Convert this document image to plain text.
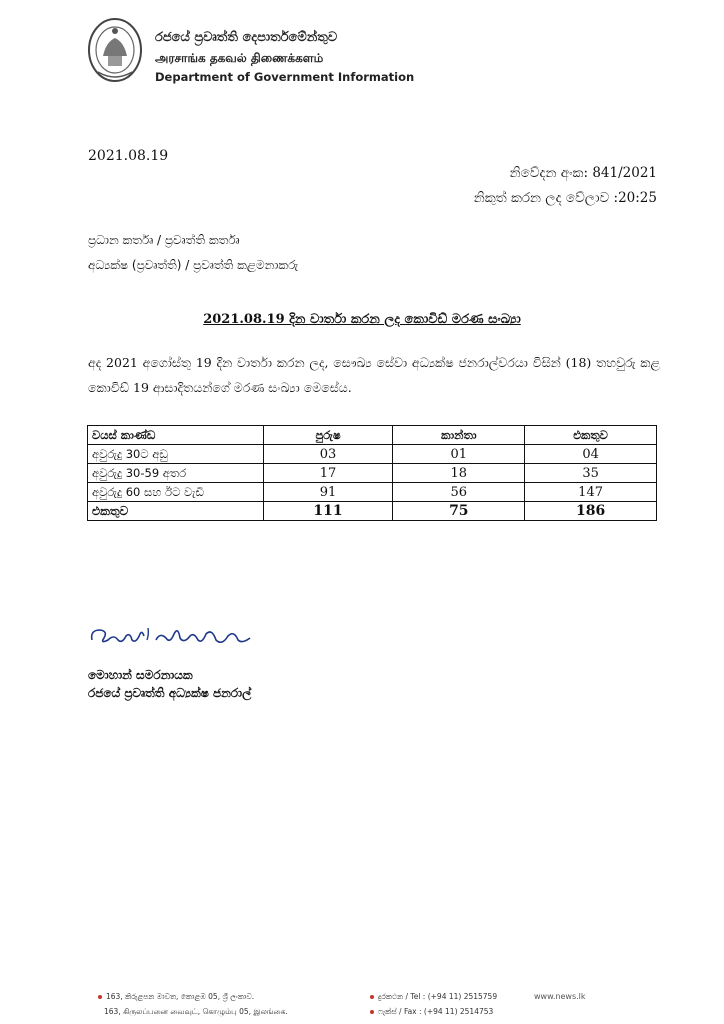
රජයේ ප්‍රවෘත්ති දෙපාර්තමේන්තුව
அரசாங்க தகவல் திணைக்களம்
Department of Government Information
2021.08.19
නිවේදන අංක: 841/2021
නිකුත් කරන ලද වේලාව :20:25
ප්‍රධාන කර්තෘ / ප්‍රවෘත්ති කර්තෘ
අධ්‍යක්ෂ (ප්‍රවෘත්ති) / ප්‍රවෘත්ති කළමනාකරු
2021.08.19 දින වාර්තා කරන ලද කොවිඩ් මරණ සංඛ්‍යා
අද 2021 අගෝස්තු 19 දින වාර්තා කරන ලද, සෞඛ්‍ය සේවා අධ්‍යක්ෂ ජනරාල්වරයා විසින් (18) තහවුරු කළ කොවිඩ් 19 ආසාදිතයන්ගේ මරණ සංඛ්‍යා මෙසේය.
වයස් කාණ්ඩ	පුරුෂ	කාන්තා	එකතුව
අවුරුදු 30ට අඩු	03	01	04
අවුරුදු 30-59 අතර	17	18	35
අවුරුදු 60 සහ ඊට වැඩි	91	56	147
එකතුව	111	75	186
මොහාන් සමරනායක
රජයේ ප්‍රවෘත්ති අධ්‍යක්ෂ ජනරාල්
163, කිරුළපන මාවත, කොළඹ 05, ශ්‍රී ලංකාව.
163, கிருலப்பனை வைவுட், கொழும்பு 05, இலங்கை.
දුරකථන / Tel : (+94 11) 2515759
ෆැක්ස් / Fax : (+94 11) 2514753
www.news.lk
